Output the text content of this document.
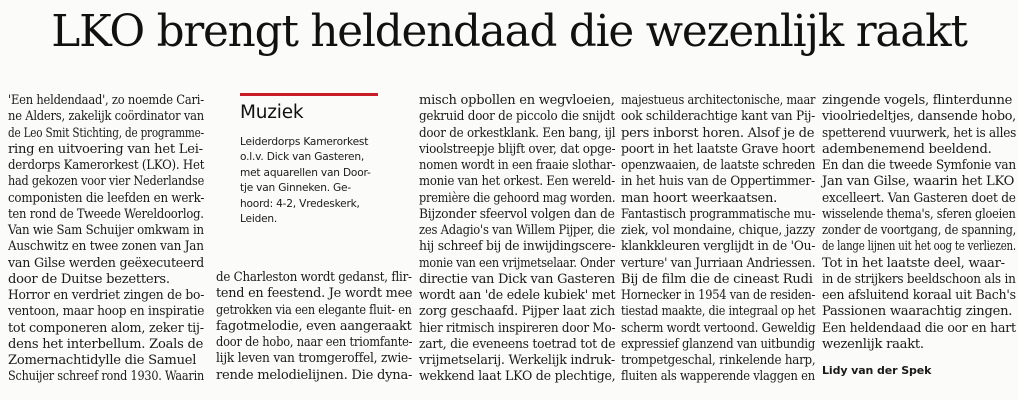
LKO brengt heldendaad die wezenlijk raakt
'Een heldendaad', zo noemde Cari-
ne Alders, zakelijk coördinator van
de Leo Smit Stichting, de programme-
ring en uitvoering van het Lei-
derdorps Kamerorkest (LKO). Het
had gekozen voor vier Nederlandse
componisten die leefden en werk-
ten rond de Tweede Wereldoorlog.
Van wie Sam Schuijer omkwam in
Auschwitz en twee zonen van Jan
van Gilse werden geëxecuteerd
door de Duitse bezetters.
Horror en verdriet zingen de bo-
ventoon, maar hoop en inspiratie
tot componeren alom, zeker tij-
dens het interbellum. Zoals de
Zomernachtidylle die Samuel
Schuijer schreef rond 1930. Waarin
Muziek
Leiderdorps Kamerorkest
o.l.v. Dick van Gasteren,
met aquarellen van Door-
tje van Ginneken. Ge-
hoord: 4-2, Vredeskerk,
Leiden.
de Charleston wordt gedanst, flir-
tend en feestend. Je wordt mee
getrokken via een elegante fluit- en
fagotmelodie, even aangeraakt
door de hobo, naar een triomfante-
lijk leven van tromgeroffel, zwie-
rende melodielijnen. Die dyna-
misch opbollen en wegvloeien,
gekruid door de piccolo die snijdt
door de orkestklank. Een bang, ijl
vioolstreepje blijft over, dat opge-
nomen wordt in een fraaie slothar-
monie van het orkest. Een wereld-
première die gehoord mag worden.
Bijzonder sfeervol volgen dan de
zes Adagio's van Willem Pijper, die
hij schreef bij de inwijdingscere-
monie van een vrijmetselaar. Onder
directie van Dick van Gasteren
wordt aan 'de edele kubiek' met
zorg geschaafd. Pijper laat zich
hier ritmisch inspireren door Mo-
zart, die eveneens toetrad tot de
vrijmetselarij. Werkelijk indruk-
wekkend laat LKO de plechtige,
majestueus architectonische, maar
ook schilderachtige kant van Pij-
pers inborst horen. Alsof je de
poort in het laatste Grave hoort
openzwaaien, de laatste schreden
in het huis van de Oppertimmer-
man hoort weerkaatsen.
Fantastisch programmatische mu-
ziek, vol mondaine, chique, jazzy
klankkleuren verglijdt in de 'Ou-
verture' van Jurriaan Andriessen.
Bij de film die de cineast Rudi
Hornecker in 1954 van de residen-
tiestad maakte, die integraal op het
scherm wordt vertoond. Geweldig
expressief glanzend van uitbundig
trompetgeschal, rinkelende harp,
fluiten als wapperende vlaggen en
zingende vogels, flinterdunne
vioolriedeltjes, dansende hobo,
spetterend vuurwerk, het is alles
adembenemend beeldend.
En dan die tweede Symfonie van
Jan van Gilse, waarin het LKO
excelleert. Van Gasteren doet de
wisselende thema's, sferen gloeien
zonder de voortgang, de spanning,
de lange lijnen uit het oog te verliezen.
Tot in het laatste deel, waar-
in de strijkers beeldschoon als in
een afsluitend koraal uit Bach's
Passionen waarachtig zingen.
Een heldendaad die oor en hart
wezenlijk raakt.
Lidy van der Spek
